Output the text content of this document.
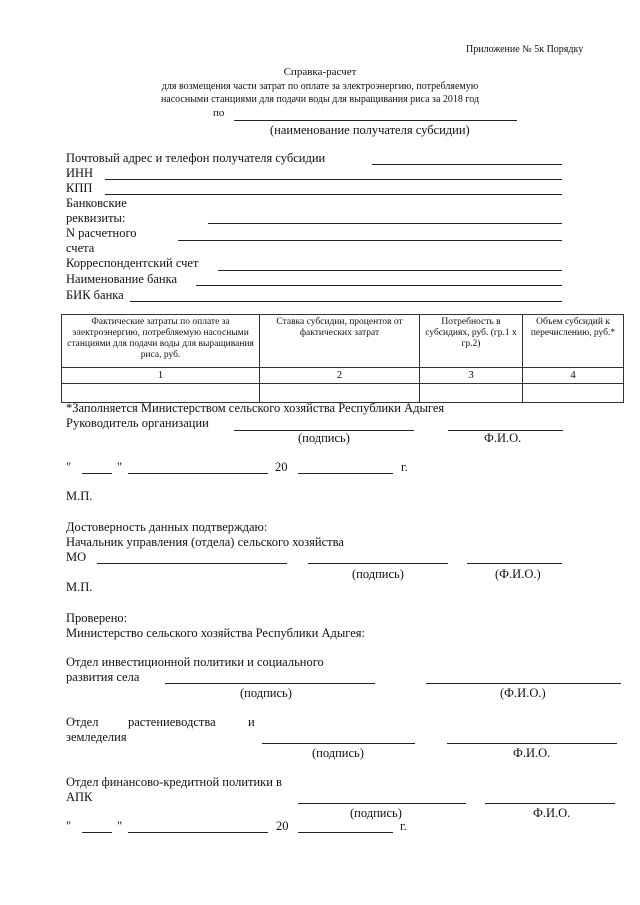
Приложение № 5к Порядку
Справка-расчет
для возмещения части затрат по оплате за электроэнергию, потребляемую
насосными станциями для подачи воды для выращивания риса за 2018 год
по
(наименование получателя субсидии)
Почтовый адрес и телефон получателя субсидии
ИНН
КПП
Банковские
реквизиты:
N расчетного
счета
Корреспондентский счет
Наименование банка
БИК банка
Фактические затраты по оплате за электроэнергию, потребляемую насосными станциями для подачи воды для выращивания риса, руб.	Ставка субсидии, процентов от фактических затрат	Потребность в субсидиях, руб. (гр.1 х гр.2)	Объем субсидий к перечислению, руб.*
1	2	3	4

*Заполняется Министерством сельского хозяйства Республики Адыгея
Руководитель организации
(подпись)	Ф.И.О.
"	"	20	г.
М.П.
Достоверность данных подтверждаю:
Начальник управления (отдела) сельского хозяйства
МО
(подпись)	(Ф.И.О.)
М.П.
Проверено:
Министерство сельского хозяйства Республики Адыгея:
Отдел инвестиционной политики и социального
развития села
(подпись)	(Ф.И.О.)
Отдел растениеводства	и
земледелия
(подпись)	Ф.И.О.
Отдел финансово-кредитной политики в
АПК
(подпись)	Ф.И.О.
"	"	20	г.
